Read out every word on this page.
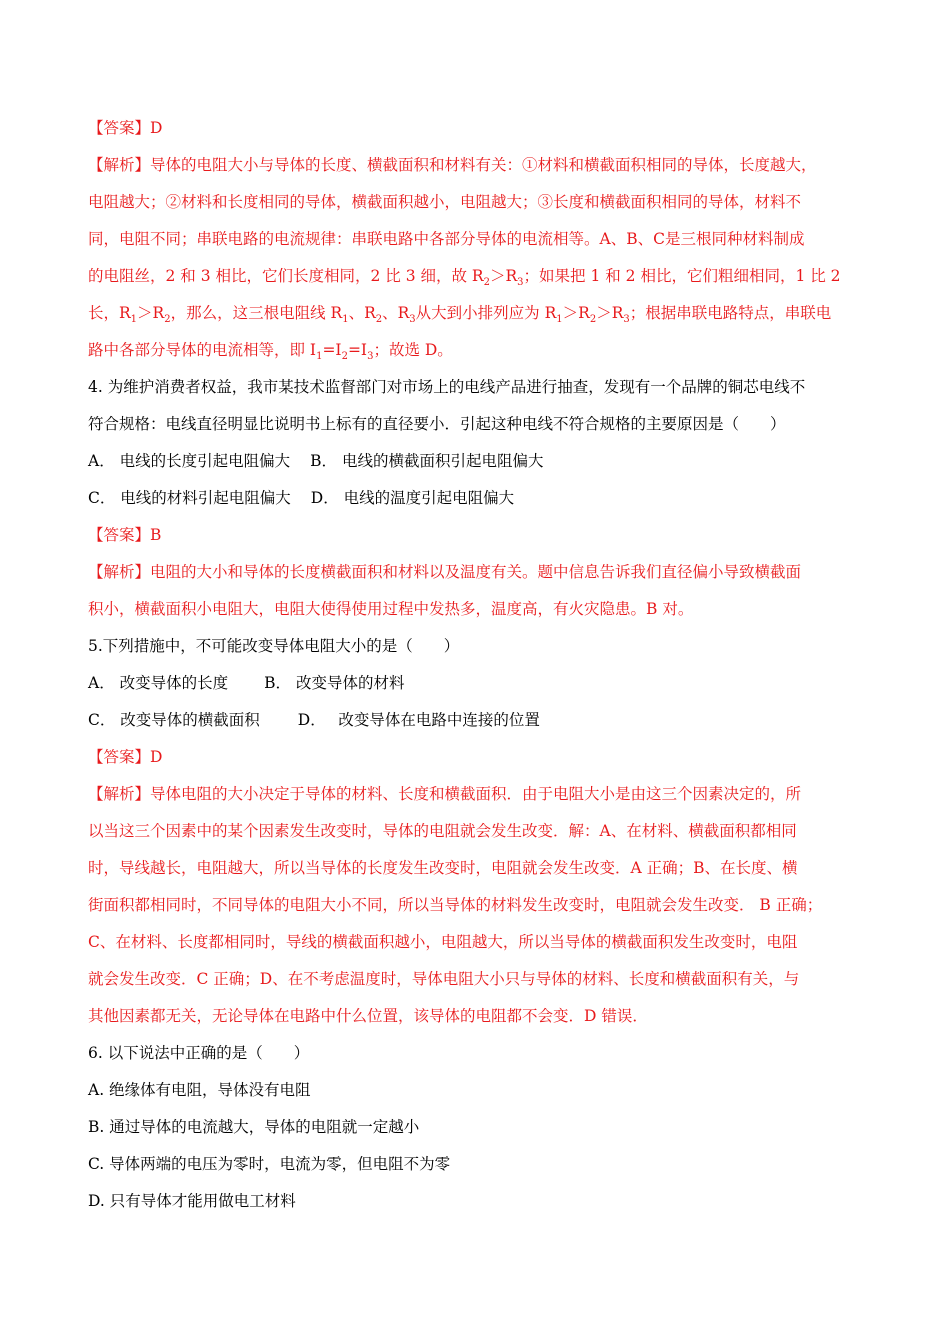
【答案】D
【解析】导体的电阻大小与导体的长度、横截面积和材料有关：①材料和横截面积相同的导体，长度越大，
电阻越大；②材料和长度相同的导体，横截面积越小，电阻越大；③长度和横截面积相同的导体，材料不
同，电阻不同；串联电路的电流规律：串联电路中各部分导体的电流相等。A、B、C是三根同种材料制成
的电阻丝，2 和 3 相比，它们长度相同，2 比 3 细，故 $R_2>R_3$；如果把 1 和 2 相比，它们粗细相同，1 比 2
长，$R_1>R_2$，那么，这三根电阻线 $R_1$、$R_2$、$R_3$从大到小排列应为 $R_1>R_2>R_3$；根据串联电路特点，串联电
路中各部分导体的电流相等，即 $I_1=I_2=I_3$；故选 D。
4. 为维护消费者权益，我市某技术监督部门对市场上的电线产品进行抽查，发现有一个品牌的铜芯电线不
符合规格：电线直径明显比说明书上标有的直径要小．引起这种电线不符合规格的主要原因是（　　）
A． 电线的长度引起电阻偏大 B． 电线的横截面积引起电阻偏大
C． 电线的材料引起电阻偏大 D． 电线的温度引起电阻偏大
【答案】B
【解析】电阻的大小和导体的长度横截面积和材料以及温度有关。题中信息告诉我们直径偏小导致横截面
积小，横截面积小电阻大，电阻大使得使用过程中发热多，温度高，有火灾隐患。B 对。
5.下列措施中，不可能改变导体电阻大小的是（　　）
A． 改变导体的长度 B． 改变导体的材料
C． 改变导体的横截面积 D．　 改变导体在电路中连接的位置
【答案】D
【解析】导体电阻的大小决定于导体的材料、长度和横截面积．由于电阻大小是由这三个因素决定的，所
以当这三个因素中的某个因素发生改变时，导体的电阻就会发生改变．解：A、在材料、横截面积都相同
时，导线越长，电阻越大，所以当导体的长度发生改变时，电阻就会发生改变．A 正确；B、在长度、横
街面积都相同时，不同导体的电阻大小不同，所以当导体的材料发生改变时，电阻就会发生改变． B 正确；
C、在材料、长度都相同时，导线的横截面积越小，电阻越大，所以当导体的横截面积发生改变时，电阻
就会发生改变．C 正确；D、在不考虑温度时，导体电阻大小只与导体的材料、长度和横截面积有关，与
其他因素都无关，无论导体在电路中什么位置，该导体的电阻都不会变．D 错误．
6. 以下说法中正确的是（　　）
A. 绝缘体有电阻，导体没有电阻
B. 通过导体的电流越大，导体的电阻就一定越小
C. 导体两端的电压为零时，电流为零，但电阻不为零
D. 只有导体才能用做电工材料
